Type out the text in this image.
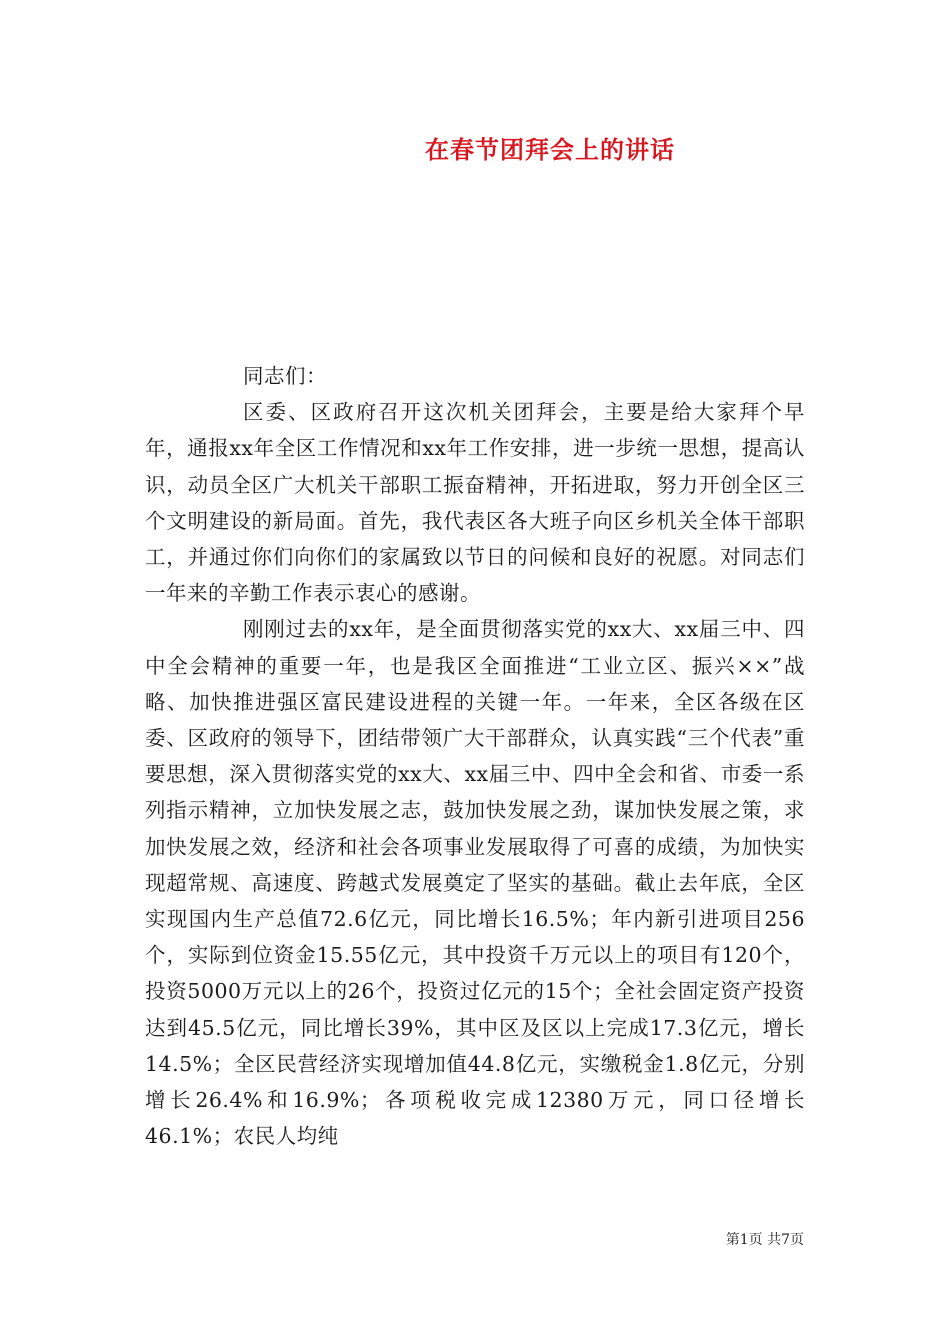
在春节团拜会上的讲话

同志们：

区委、区政府召开这次机关团拜会，主要是给大家拜个早年，通报xx年全区工作情况和xx年工作安排，进一步统一思想，提高认识，动员全区广大机关干部职工振奋精神，开拓进取，努力开创全区三个文明建设的新局面。首先，我代表区各大班子向区乡机关全体干部职工，并通过你们向你们的家属致以节日的问候和良好的祝愿。对同志们一年来的辛勤工作表示衷心的感谢。

刚刚过去的xx年，是全面贯彻落实党的xx大、xx届三中、四中全会精神的重要一年，也是我区全面推进“工业立区、振兴××”战略、加快推进强区富民建设进程的关键一年。一年来，全区各级在区委、区政府的领导下，团结带领广大干部群众，认真实践“三个代表”重要思想，深入贯彻落实党的xx大、xx届三中、四中全会和省、市委一系列指示精神，立加快发展之志，鼓加快发展之劲，谋加快发展之策，求加快发展之效，经济和社会各项事业发展取得了可喜的成绩，为加快实现超常规、高速度、跨越式发展奠定了坚实的基础。截止去年底，全区实现国内生产总值72.6亿元，同比增长16.5%；年内新引进项目256个，实际到位资金15.55亿元，其中投资千万元以上的项目有120个，投资5000万元以上的26个，投资过亿元的15个；全社会固定资产投资达到45.5亿元，同比增长39%，其中区及区以上完成17.3亿元，增长14.5%；全区民营经济实现增加值44.8亿元，实缴税金1.8亿元，分别增长26.4%和16.9%；各项税收完成12380万元，同口径增长46.1%；农民人均纯

第1页 共7页
